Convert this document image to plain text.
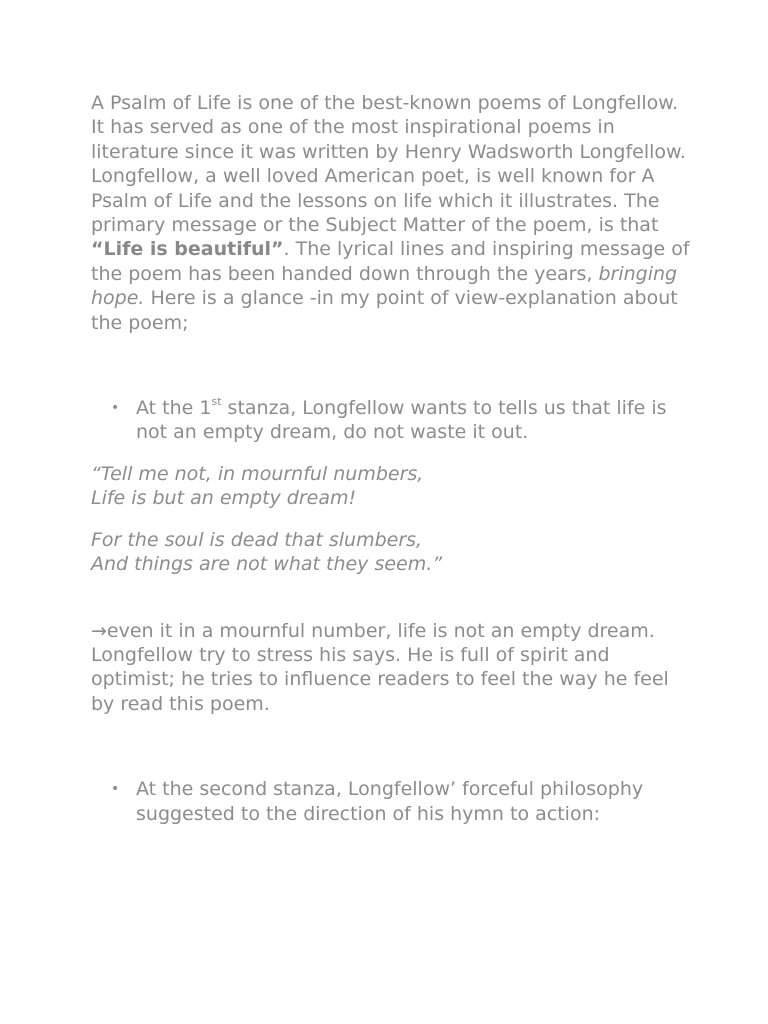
A Psalm of Life is one of the best-known poems of Longfellow. It has served as one of the most inspirational poems in literature since it was written by Henry Wadsworth Longfellow. Longfellow, a well loved American poet, is well known for A Psalm of Life and the lessons on life which it illustrates. The primary message or the Subject Matter of the poem, is that “Life is beautiful”. The lyrical lines and inspiring message of the poem has been handed down through the years, bringing hope. Here is a glance -in my point of view-explanation about the poem;

• At the 1st stanza, Longfellow wants to tells us that life is not an empty dream, do not waste it out.

“Tell me not, in mournful numbers,
Life is but an empty dream!

For the soul is dead that slumbers,
And things are not what they seem.”

→even it in a mournful number, life is not an empty dream. Longfellow try to stress his says. He is full of spirit and optimist; he tries to influence readers to feel the way he feel by read this poem.

• At the second stanza, Longfellow’ forceful philosophy suggested to the direction of his hymn to action:
